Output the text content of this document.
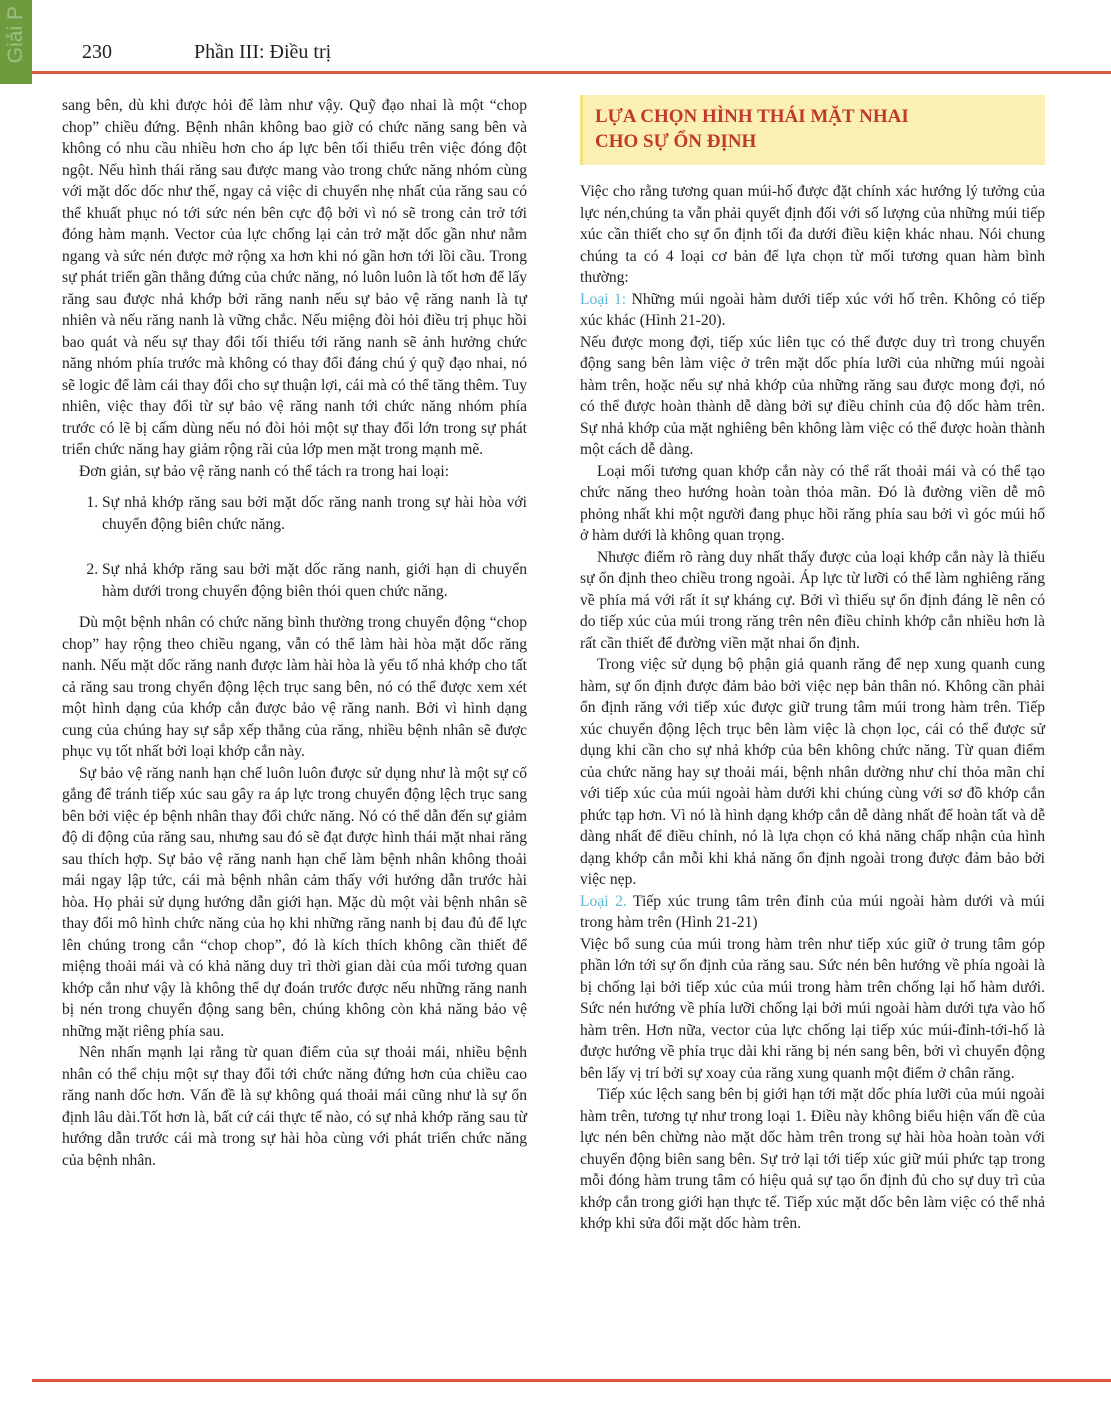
Giải P	230	Phần III: Điều trị

sang bên, dù khi được hỏi để làm như vậy. Quỹ đạo nhai là một “chop chop” chiều đứng. Bệnh nhân không bao giờ có chức năng sang bên và không có nhu cầu nhiều hơn cho áp lực bên tối thiểu trên việc đóng đột ngột. Nếu hình thái răng sau được mang vào trong chức năng nhóm cùng với mặt dốc dốc như thế, ngay cả việc di chuyển nhẹ nhất của răng sau có thể khuất phục nó tới sức nén bên cực độ bởi vì nó sẽ trong cản trở tới đóng hàm mạnh. Vector của lực chống lại cản trở mặt dốc gần như nằm ngang và sức nén được mở rộng xa hơn khi nó gần hơn tới lồi cầu. Trong sự phát triển gần thẳng đứng của chức năng, nó luôn luôn là tốt hơn để lấy răng sau được nhả khớp bởi răng nanh nếu sự bảo vệ răng nanh là tự nhiên và nếu răng nanh là vững chắc. Nếu miệng đòi hỏi điều trị phục hồi bao quát và nếu sự thay đổi tối thiểu tới răng nanh sẽ ảnh hưởng chức năng nhóm phía trước mà không có thay đổi đáng chú ý quỹ đạo nhai, nó sẽ logic để làm cái thay đổi cho sự thuận lợi, cái mà có thể tăng thêm. Tuy nhiên, việc thay đổi từ sự bảo vệ răng nanh tới chức năng nhóm phía trước có lẽ bị cấm dùng nếu nó đòi hỏi một sự thay đổi lớn trong sự phát triển chức năng hay giảm rộng rãi của lớp men mặt trong mạnh mẽ.

Đơn giản, sự bảo vệ răng nanh có thể tách ra trong hai loại:

1. Sự nhả khớp răng sau bởi mặt dốc răng nanh trong sự hài hòa với chuyển động biên chức năng.
2. Sự nhả khớp răng sau bởi mặt dốc răng nanh, giới hạn di chuyển hàm dưới trong chuyển động biên thói quen chức năng.

Dù một bệnh nhân có chức năng bình thường trong chuyển động “chop chop” hay rộng theo chiều ngang, vẫn có thể làm hài hòa mặt dốc răng nanh. Nếu mặt dốc răng nanh được làm hài hòa là yếu tố nhả khớp cho tất cả răng sau trong chyển động lệch trục sang bên, nó có thể được xem xét một hình dạng của khớp cắn được bảo vệ răng nanh. Bởi vì hình dạng cung của chúng hay sự sắp xếp thẳng của răng, nhiều bệnh nhân sẽ được phục vụ tốt nhất bởi loại khớp cắn này.

Sự bảo vệ răng nanh hạn chế luôn luôn được sử dụng như là một sự cố gắng để tránh tiếp xúc sau gây ra áp lực trong chuyển động lệch trục sang bên bởi việc ép bệnh nhân thay đổi chức năng. Nó có thể dẫn đến sự giảm độ di động của răng sau, nhưng sau đó sẽ đạt được hình thái mặt nhai răng sau thích hợp. Sự bảo vệ răng nanh hạn chế làm bệnh nhân không thoải mái ngay lập tức, cái mà bệnh nhân cảm thấy với hướng dẫn trước hài hòa. Họ phải sử dụng hướng dẫn giới hạn. Mặc dù một vài bệnh nhân sẽ thay đổi mô hình chức năng của họ khi những răng nanh bị đau đủ để lực lên chúng trong cắn “chop chop”, đó là kích thích không cần thiết để miệng thoải mái và có khả năng duy trì thời gian dài của mối tương quan khớp cắn như vậy là không thể dự đoán trước được nếu những răng nanh bị nén trong chuyển động sang bên, chúng không còn khả năng bảo vệ những mặt riêng phía sau.

Nên nhấn mạnh lại rằng từ quan điểm của sự thoải mái, nhiều bệnh nhân có thể chịu một sự thay đổi tới chức năng đứng hơn của chiều cao răng nanh dốc hơn. Vấn đề là sự không quá thoải mái cũng như là sự ổn định lâu dài.Tốt hơn là, bất cứ cái thực tế nào, có sự nhả khớp răng sau từ hướng dẫn trước cái mà trong sự hài hòa cùng với phát triển chức năng của bệnh nhân.

LỰA CHỌN HÌNH THÁI MẶT NHAI
CHO SỰ ỔN ĐỊNH

Việc cho rằng tương quan múi-hố được đặt chính xác hướng lý tưởng của lực nén,chúng ta vẫn phải quyết định đối với số lượng của những múi tiếp xúc cần thiết cho sự ổn định tối đa dưới điều kiện khác nhau. Nói chung chúng ta có 4 loại cơ bản để lựa chọn từ mối tương quan hàm bình thường:

Loại 1: Những múi ngoài hàm dưới tiếp xúc với hố trên. Không có tiếp xúc khác (Hình 21-20).

Nếu được mong đợi, tiếp xúc liên tục có thể được duy trì trong chuyển động sang bên làm việc ở trên mặt dốc phía lưỡi của những múi ngoài hàm trên, hoặc nếu sự nhả khớp của những răng sau được mong đợi, nó có thể được hoàn thành dễ dàng bởi sự điều chỉnh của độ dốc hàm trên. Sự nhả khớp của mặt nghiêng bên không làm việc có thể được hoàn thành một cách dễ dàng.

Loại mối tương quan khớp cắn này có thể rất thoải mái và có thể tạo chức năng theo hướng hoàn toàn thỏa mãn. Đó là đường viền dễ mô phỏng nhất khi một người đang phục hồi răng phía sau bởi vì góc múi hố ở hàm dưới là không quan trọng.

Nhược điểm rõ ràng duy nhất thấy được của loại khớp cắn này là thiếu sự ổn định theo chiều trong ngoài. Áp lực từ lưỡi có thể làm nghiêng răng về phía má với rất ít sự kháng cự. Bởi vì thiếu sự ổn định đáng lẽ nên có do tiếp xúc của múi trong răng trên nên điều chỉnh khớp cắn nhiều hơn là rất cần thiết để đường viền mặt nhai ổn định.

Trong việc sử dụng bộ phận giả quanh răng để nẹp xung quanh cung hàm, sự ổn định được đảm bảo bởi việc nẹp bản thân nó. Không cần phải ổn định răng với tiếp xúc được giữ trung tâm múi trong hàm trên. Tiếp xúc chuyển động lệch trục bên làm việc là chọn lọc, cái có thể được sử dụng khi cần cho sự nhả khớp của bên không chức năng. Từ quan điểm của chức năng hay sự thoải mái, bệnh nhân dường như chỉ thỏa mãn chỉ với tiếp xúc của múi ngoài hàm dưới khi chúng cùng với sơ đồ khớp cắn phức tạp hơn. Vì nó là hình dạng khớp cắn dễ dàng nhất để hoàn tất và dễ dàng nhất để điều chỉnh, nó là lựa chọn có khả năng chấp nhận của hình dạng khớp cắn mỗi khi khả năng ổn định ngoài trong được đảm bảo bởi việc nẹp.

Loại 2. Tiếp xúc trung tâm trên đỉnh của múi ngoài hàm dưới và múi trong hàm trên (Hình 21-21)

Việc bổ sung của múi trong hàm trên như tiếp xúc giữ ở trung tâm góp phần lớn tới sự ổn định của răng sau. Sức nén bên hướng về phía ngoài là bị chống lại bởi tiếp xúc của múi trong hàm trên chống lại hố hàm dưới. Sức nén hướng về phía lưỡi chống lại bởi múi ngoài hàm dưới tựa vào hố hàm trên. Hơn nữa, vector của lực chống lại tiếp xúc múi-đỉnh-tới-hố là được hướng về phía trục dài khi răng bị nén sang bên, bởi vì chuyển động bên lấy vị trí bởi sự xoay của răng xung quanh một điểm ở chân răng.

Tiếp xúc lệch sang bên bị giới hạn tới mặt dốc phía lưỡi của múi ngoài hàm trên, tương tự như trong loại 1. Điều này không biểu hiện vấn đề của lực nén bên chừng nào mặt dốc hàm trên trong sự hài hòa hoàn toàn với chuyển động biên sang bên. Sự trở lại tới tiếp xúc giữ múi phức tạp trong mỗi đóng hàm trung tâm có hiệu quả sự tạo ổn định đủ cho sự duy trì của khớp cắn trong giới hạn thực tế. Tiếp xúc mặt dốc bên làm việc có thể nhả khớp khi sửa đổi mặt dốc hàm trên.
